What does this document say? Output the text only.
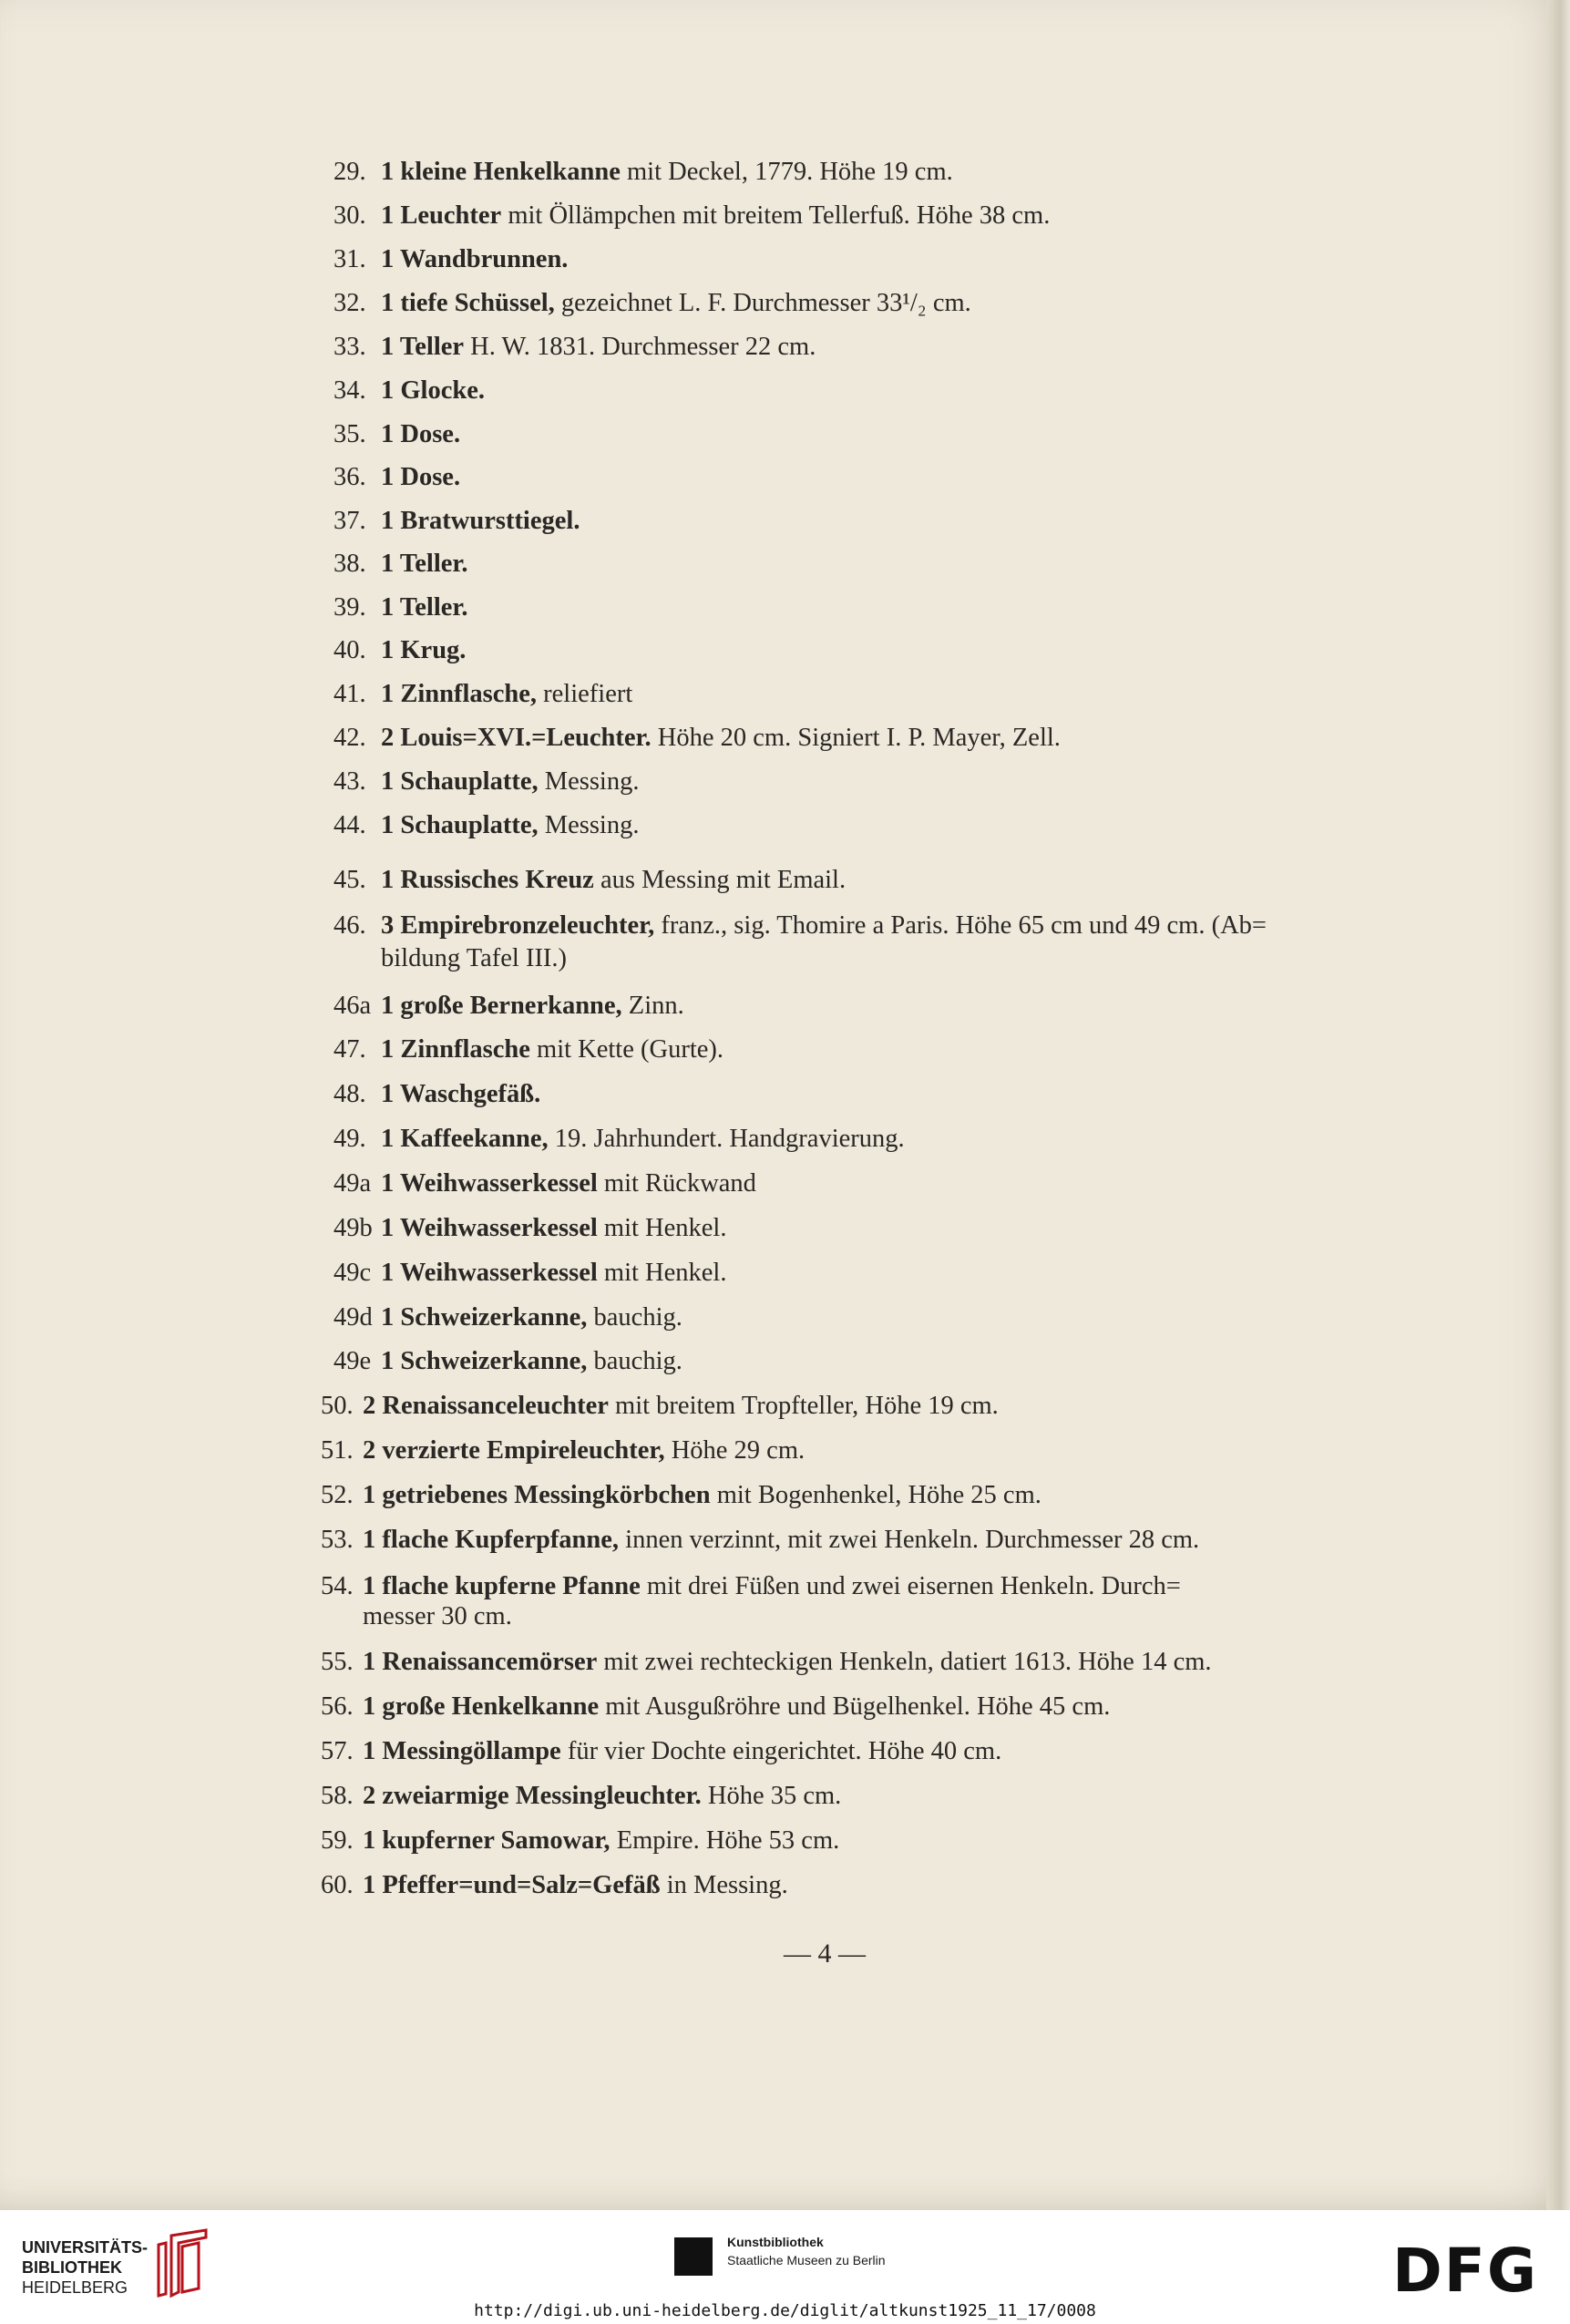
29. 1 kleine Henkelkanne mit Deckel, 1779. Höhe 19 cm.
30. 1 Leuchter mit Öllämpchen mit breitem Tellerfuß. Höhe 38 cm.
31. 1 Wandbrunnen.
32. 1 tiefe Schüssel, gezeichnet L. F. Durchmesser 33¹/₂ cm.
33. 1 Teller H. W. 1831. Durchmesser 22 cm.
34. 1 Glocke.
35. 1 Dose.
36. 1 Dose.
37. 1 Bratwursttiegel.
38. 1 Teller.
39. 1 Teller.
40. 1 Krug.
41. 1 Zinnflasche, reliefiert
42. 2 Louis=XVI.=Leuchter. Höhe 20 cm. Signiert I. P. Mayer, Zell.
43. 1 Schauplatte, Messing.
44. 1 Schauplatte, Messing.
45. 1 Russisches Kreuz aus Messing mit Email.
46. 3 Empirebronzeleuchter, franz., sig. Thomire a Paris. Höhe 65 cm und 49 cm. (Ab=
bildung Tafel III.)
46a 1 große Bernerkanne, Zinn.
47. 1 Zinnflasche mit Kette (Gurte).
48. 1 Waschgefäß.
49. 1 Kaffeekanne, 19. Jahrhundert. Handgravierung.
49a 1 Weihwasserkessel mit Rückwand
49b 1 Weihwasserkessel mit Henkel.
49c 1 Weihwasserkessel mit Henkel.
49d 1 Schweizerkanne, bauchig.
49e 1 Schweizerkanne, bauchig.
50. 2 Renaissanceleuchter mit breitem Tropfteller, Höhe 19 cm.
51. 2 verzierte Empireleuchter, Höhe 29 cm.
52. 1 getriebenes Messingkörbchen mit Bogenhenkel, Höhe 25 cm.
53. 1 flache Kupferpfanne, innen verzinnt, mit zwei Henkeln. Durchmesser 28 cm.
54. 1 flache kupferne Pfanne mit drei Füßen und zwei eisernen Henkeln. Durch=
messer 30 cm.
55. 1 Renaissancemörser mit zwei rechteckigen Henkeln, datiert 1613. Höhe 14 cm.
56. 1 große Henkelkanne mit Ausgußröhre und Bügelhenkel. Höhe 45 cm.
57. 1 Messingöllampe für vier Dochte eingerichtet. Höhe 40 cm.
58. 2 zweiarmige Messingleuchter. Höhe 35 cm.
59. 1 kupferner Samowar, Empire. Höhe 53 cm.
60. 1 Pfeffer=und=Salz=Gefäß in Messing.
— 4 —
UNIVERSITÄTS-
BIBLIOTHEK
HEIDELBERG
Kunstbibliothek
Staatliche Museen zu Berlin	DFG
http://digi.ub.uni-heidelberg.de/diglit/altkunst1925_11_17/0008
